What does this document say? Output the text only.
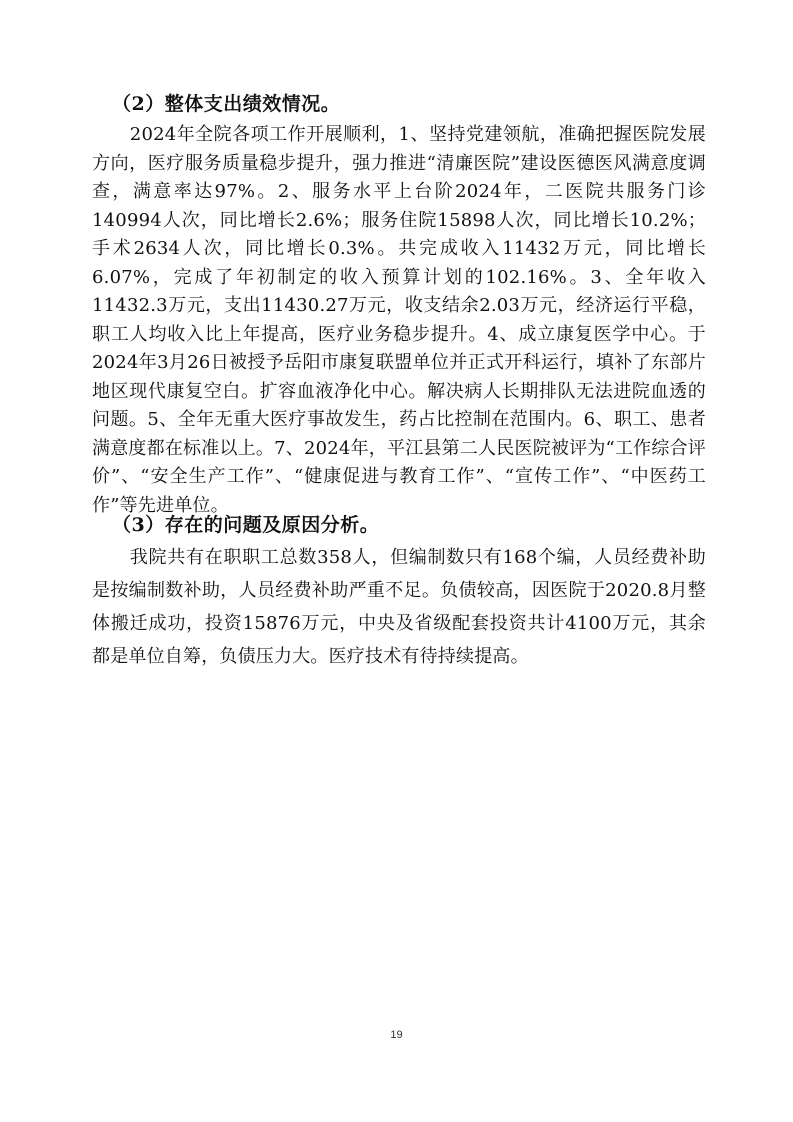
（2）整体支出绩效情况。

2024年全院各项工作开展顺利，1、坚持党建领航，准确把握医院发展方向，医疗服务质量稳步提升，强力推进“清廉医院”建设医德医风满意度调查，满意率达97%。2、服务水平上台阶2024年，二医院共服务门诊140994人次，同比增长2.6%；服务住院15898人次，同比增长10.2%；手术2634人次，同比增长0.3%。共完成收入11432万元，同比增长6.07%，完成了年初制定的收入预算计划的102.16%。3、全年收入11432.3万元，支出11430.27万元，收支结余2.03万元，经济运行平稳，职工人均收入比上年提高，医疗业务稳步提升。4、成立康复医学中心。于2024年3月26日被授予岳阳市康复联盟单位并正式开科运行，填补了东部片地区现代康复空白。扩容血液净化中心。解决病人长期排队无法进院血透的问题。5、全年无重大医疗事故发生，药占比控制在范围内。6、职工、患者满意度都在标准以上。7、2024年，平江县第二人民医院被评为“工作综合评价”、“安全生产工作”、“健康促进与教育工作”、“宣传工作”、“中医药工作”等先进单位。

（3）存在的问题及原因分析。

我院共有在职职工总数358人，但编制数只有168个编，人员经费补助是按编制数补助，人员经费补助严重不足。负债较高，因医院于2020.8月整体搬迁成功，投资15876万元，中央及省级配套投资共计4100万元，其余都是单位自筹，负债压力大。医疗技术有待持续提高。

19
